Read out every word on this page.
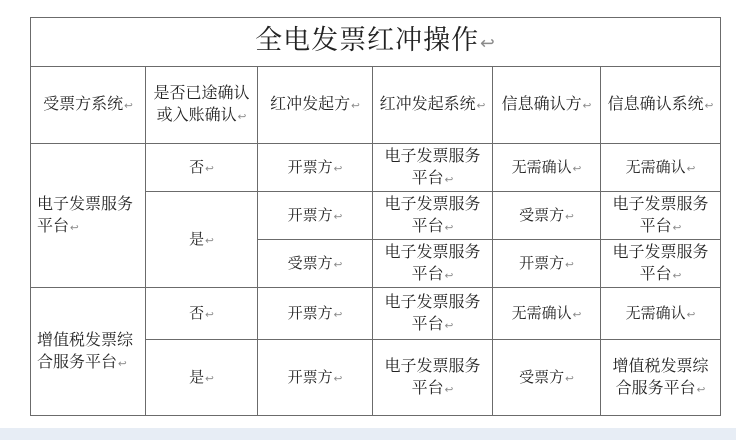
全电发票红冲操作↩					
受票方系统↩	是否已途确认或入账确认↩	红冲发起方↩	红冲发起系统↩	信息确认方↩	信息确认系统↩
电子发票服务平台↩	否↩	开票方↩	电子发票服务平台↩	无需确认↩	无需确认↩
	是↩	开票方↩	电子发票服务平台↩	受票方↩	电子发票服务平台↩
		受票方↩	电子发票服务平台↩	开票方↩	电子发票服务平台↩
增值税发票综合服务平台↩	否↩	开票方↩	电子发票服务平台↩	无需确认↩	无需确认↩
	是↩	开票方↩	电子发票服务平台↩	受票方↩	增值税发票综合服务平台↩
